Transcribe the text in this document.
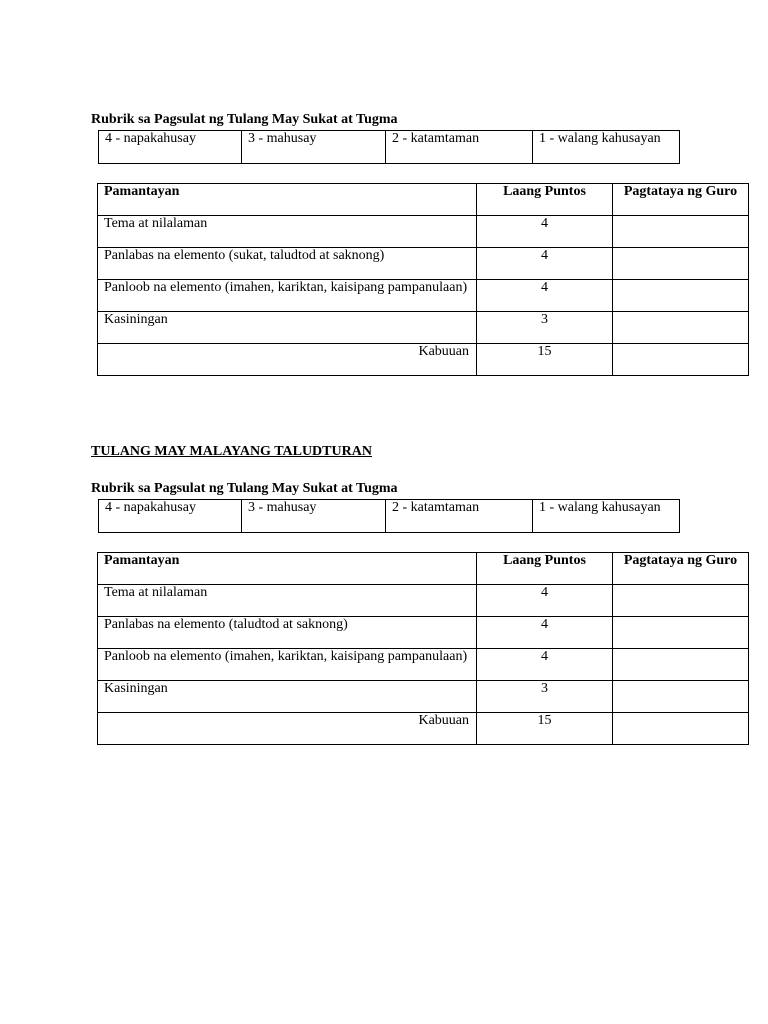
Rubrik sa Pagsulat ng Tulang May Sukat at Tugma
4 - napakahusay	3 - mahusay	2 - katamtaman	1 - walang kahusayan
Pamantayan	Laang Puntos	Pagtataya ng Guro
Tema at nilalaman	4	
Panlabas na elemento (sukat, taludtod at saknong)	4	
Panloob na elemento (imahen, kariktan, kaisipang pampanulaan)	4	
Kasiningan	3	
Kabuuan	15	
TULANG MAY MALAYANG TALUDTURAN
Rubrik sa Pagsulat ng Tulang May Sukat at Tugma
4 - napakahusay	3 - mahusay	2 - katamtaman	1 - walang kahusayan
Pamantayan	Laang Puntos	Pagtataya ng Guro
Tema at nilalaman	4	
Panlabas na elemento (taludtod at saknong)	4	
Panloob na elemento (imahen, kariktan, kaisipang pampanulaan)	4	
Kasiningan	3	
Kabuuan	15	
